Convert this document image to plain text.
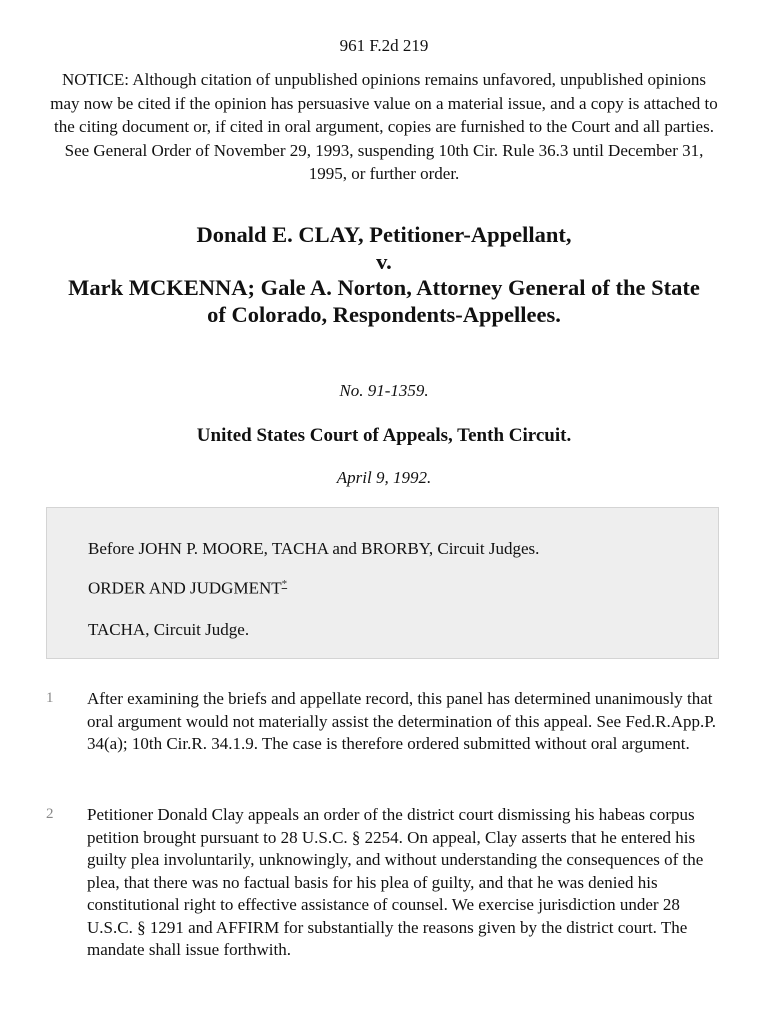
961 F.2d 219
NOTICE: Although citation of unpublished opinions remains unfavored, unpublished opinions may now be cited if the opinion has persuasive value on a material issue, and a copy is attached to the citing document or, if cited in oral argument, copies are furnished to the Court and all parties. See General Order of November 29, 1993, suspending 10th Cir. Rule 36.3 until December 31, 1995, or further order.
Donald E. CLAY, Petitioner-Appellant,
v.
Mark MCKENNA; Gale A. Norton, Attorney General of the State
of Colorado, Respondents-Appellees.
No. 91-1359.
United States Court of Appeals, Tenth Circuit.
April 9, 1992.
Before JOHN P. MOORE, TACHA and BRORBY, Circuit Judges.
ORDER AND JUDGMENT*
TACHA, Circuit Judge.
1 After examining the briefs and appellate record, this panel has determined unanimously that oral argument would not materially assist the determination of this appeal. See Fed.R.App.P. 34(a); 10th Cir.R. 34.1.9. The case is therefore ordered submitted without oral argument.
2 Petitioner Donald Clay appeals an order of the district court dismissing his habeas corpus petition brought pursuant to 28 U.S.C. § 2254. On appeal, Clay asserts that he entered his guilty plea involuntarily, unknowingly, and without understanding the consequences of the plea, that there was no factual basis for his plea of guilty, and that he was denied his constitutional right to effective assistance of counsel. We exercise jurisdiction under 28 U.S.C. § 1291 and AFFIRM for substantially the reasons given by the district court. The mandate shall issue forthwith.
